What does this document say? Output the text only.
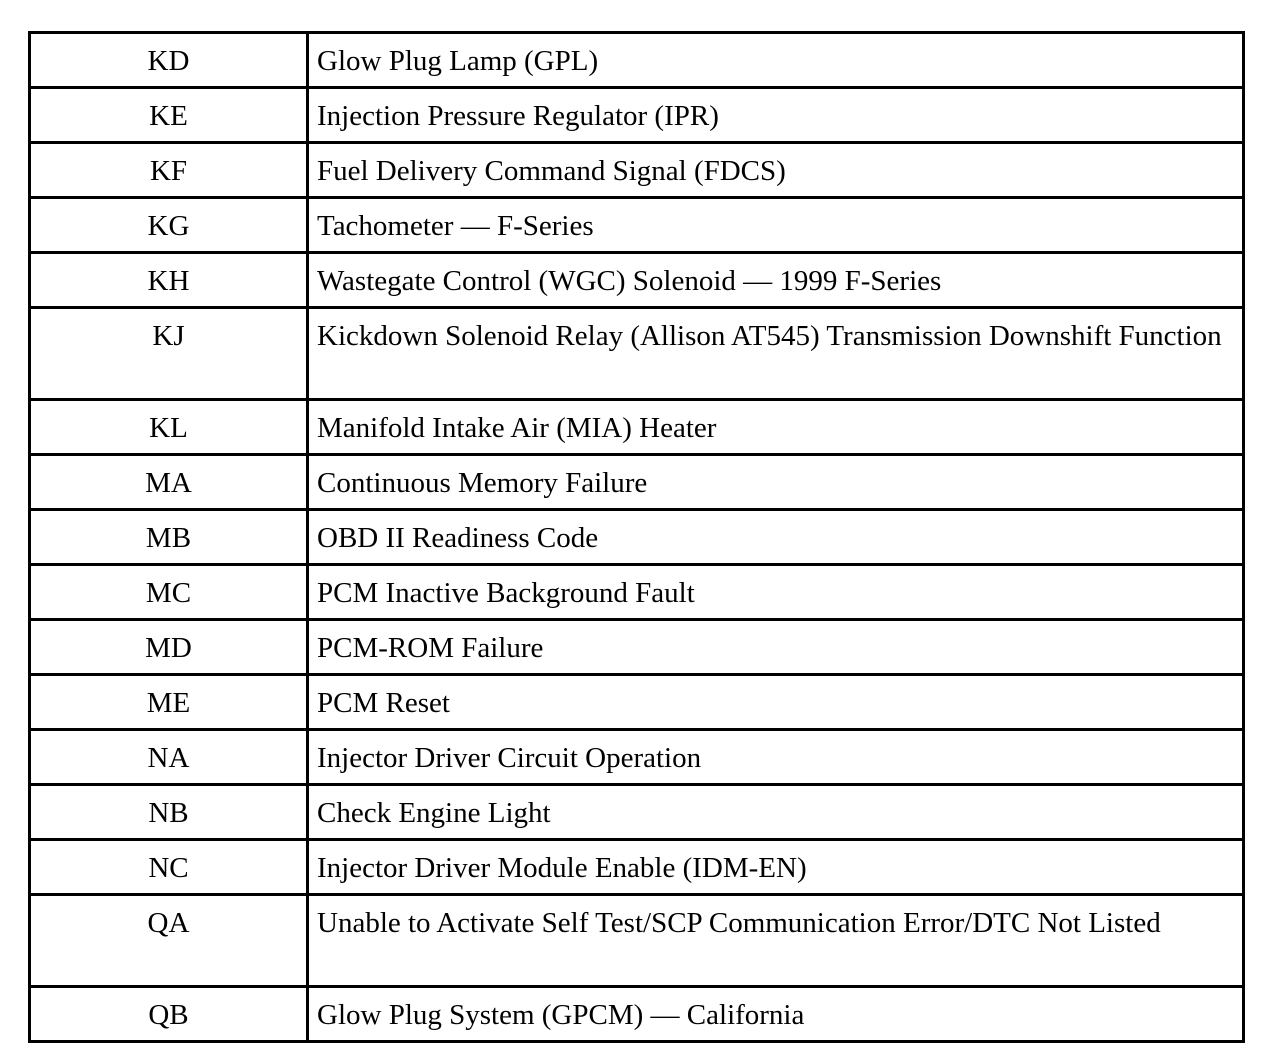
KD	Glow Plug Lamp (GPL)
KE	Injection Pressure Regulator (IPR)
KF	Fuel Delivery Command Signal (FDCS)
KG	Tachometer — F-Series
KH	Wastegate Control (WGC) Solenoid — 1999 F-Series
KJ	Kickdown Solenoid Relay (Allison AT545) Transmission Downshift Function
KL	Manifold Intake Air (MIA) Heater
MA	Continuous Memory Failure
MB	OBD II Readiness Code
MC	PCM Inactive Background Fault
MD	PCM-ROM Failure
ME	PCM Reset
NA	Injector Driver Circuit Operation
NB	Check Engine Light
NC	Injector Driver Module Enable (IDM-EN)
QA	Unable to Activate Self Test/SCP Communication Error/DTC Not Listed
QB	Glow Plug System (GPCM) — California
